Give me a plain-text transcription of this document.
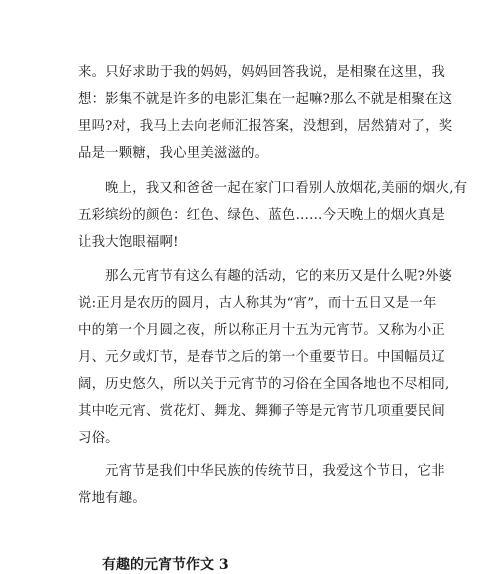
来。只好求助于我的妈妈，妈妈回答我说，是相聚在这里，我
想：影集不就是许多的电影汇集在一起嘛?那么不就是相聚在这
里吗?对，我马上去向老师汇报答案，没想到，居然猜对了，奖
品是一颗糖，我心里美滋滋的。
晚上，我又和爸爸一起在家门口看别人放烟花,美丽的烟火,有
五彩缤纷的颜色：红色、绿色、蓝色……今天晚上的烟火真是
让我大饱眼福啊!
那么元宵节有这么有趣的活动，它的来历又是什么呢?外婆
说:正月是农历的圆月，古人称其为“宵”，而十五日又是一年
中的第一个月圆之夜，所以称正月十五为元宵节。又称为小正
月、元夕或灯节，是春节之后的第一个重要节日。中国幅员辽
阔，历史悠久，所以关于元宵节的习俗在全国各地也不尽相同,
其中吃元宵、赏花灯、舞龙、舞狮子等是元宵节几项重要民间
习俗。
元宵节是我们中华民族的传统节日，我爱这个节日，它非
常地有趣。
有趣的元宵节作文 3
